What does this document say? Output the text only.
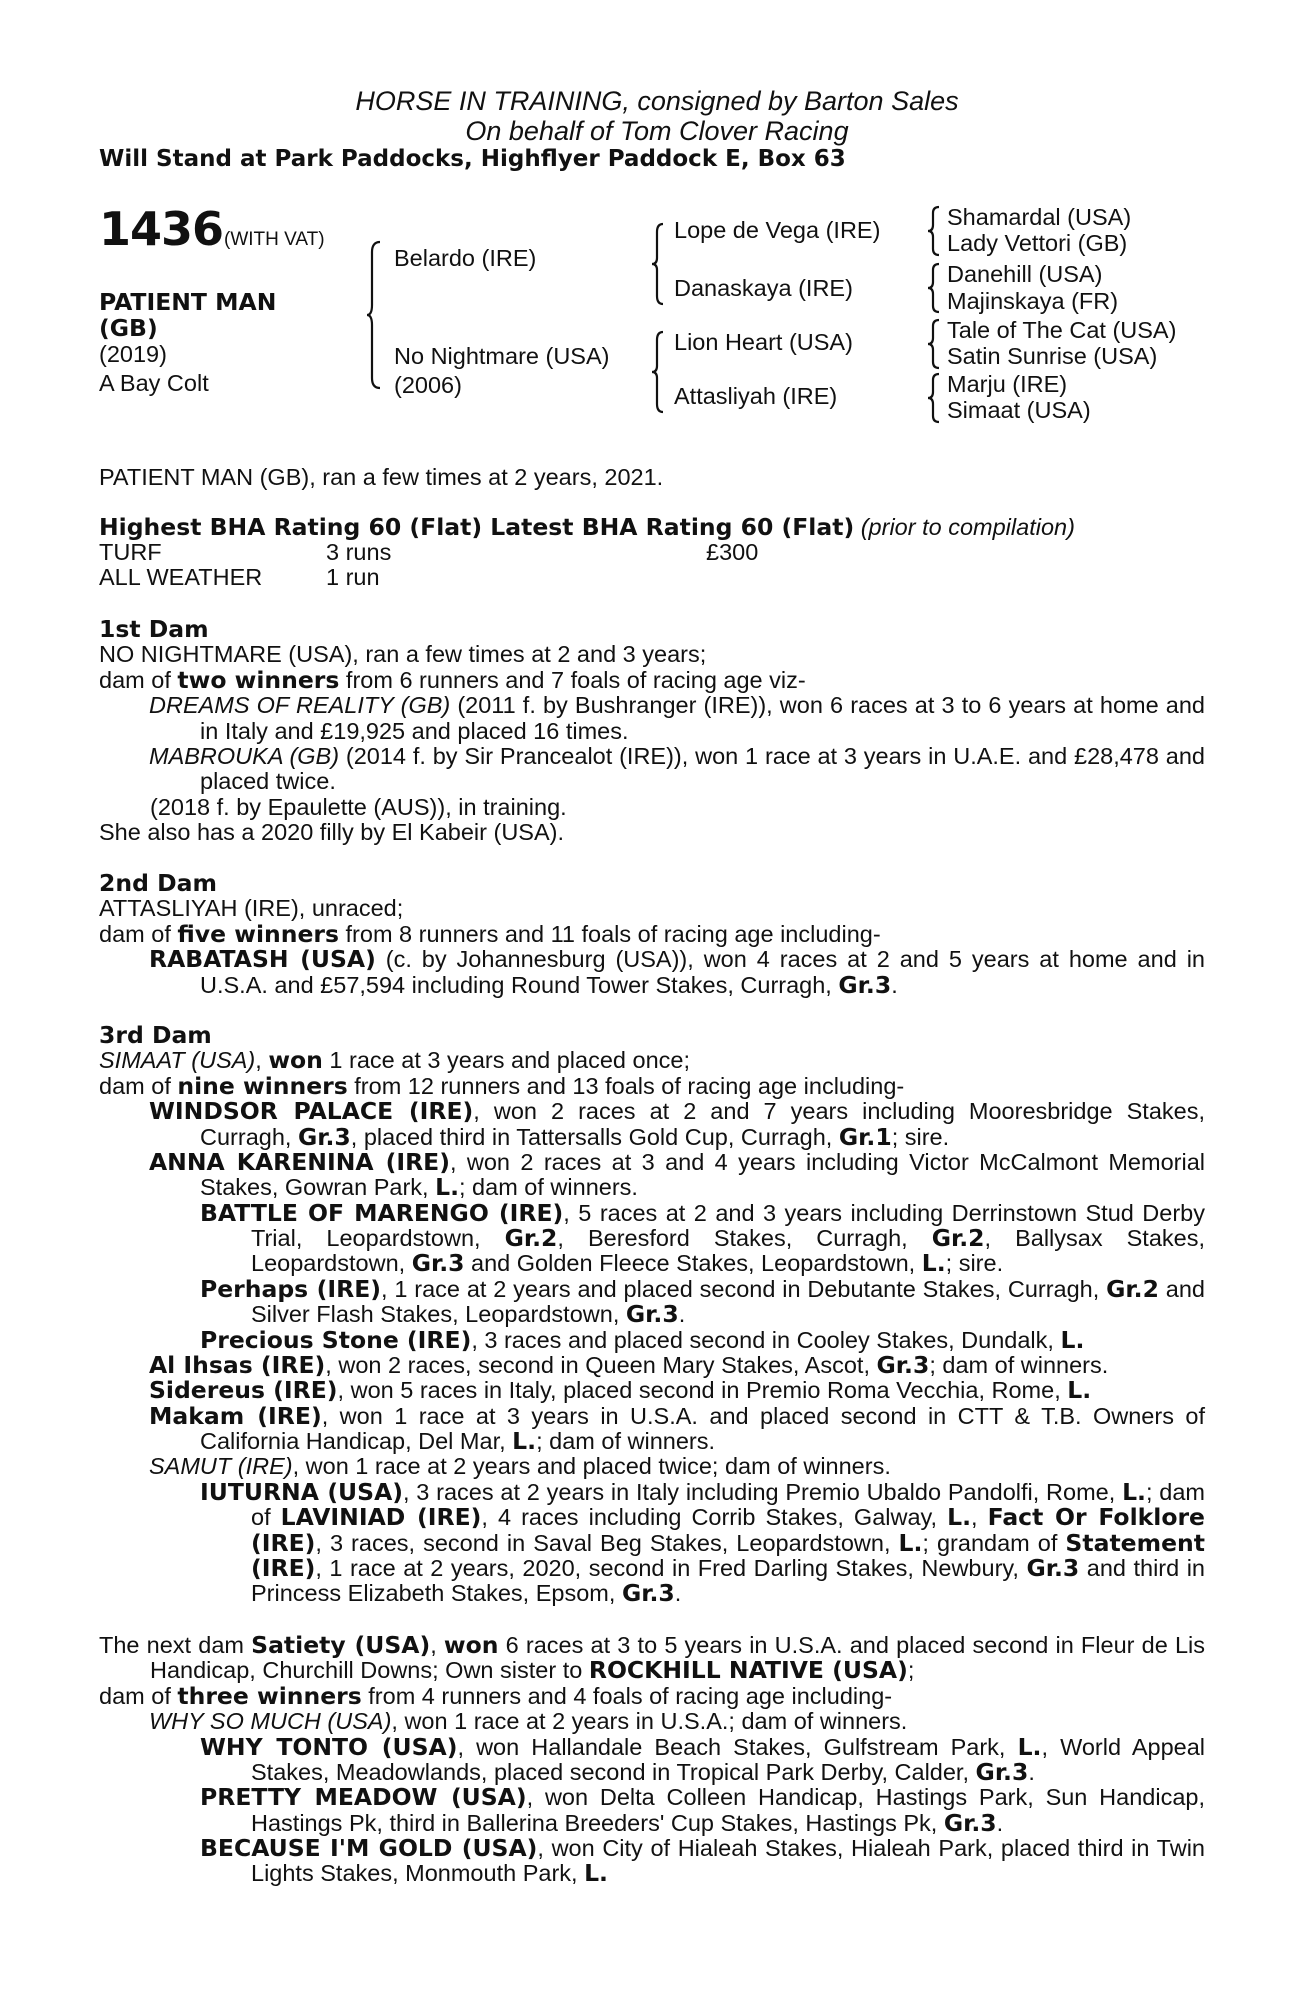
HORSE IN TRAINING, consigned by Barton Sales
On behalf of Tom Clover Racing
Will Stand at Park Paddocks, Highflyer Paddock E, Box 63
1436 (WITH VAT)
PATIENT MAN
(GB)
(2019)
A Bay Colt
Belardo (IRE)
No Nightmare (USA)
(2006)
Lope de Vega (IRE)
Danaskaya (IRE)
Lion Heart (USA)
Attasliyah (IRE)
Shamardal (USA)
Lady Vettori (GB)
Danehill (USA)
Majinskaya (FR)
Tale of The Cat (USA)
Satin Sunrise (USA)
Marju (IRE)
Simaat (USA)
PATIENT MAN (GB), ran a few times at 2 years, 2021.
Highest BHA Rating 60 (Flat) Latest BHA Rating 60 (Flat) (prior to compilation)
TURF	3 runs	£300
ALL WEATHER	1 run
1st Dam
NO NIGHTMARE (USA), ran a few times at 2 and 3 years;
dam of two winners from 6 runners and 7 foals of racing age viz-
DREAMS OF REALITY (GB) (2011 f. by Bushranger (IRE)), won 6 races at 3 to 6 years at home and in Italy and £19,925 and placed 16 times.
MABROUKA (GB) (2014 f. by Sir Prancealot (IRE)), won 1 race at 3 years in U.A.E. and £28,478 and placed twice.
(2018 f. by Epaulette (AUS)), in training.
She also has a 2020 filly by El Kabeir (USA).
2nd Dam
ATTASLIYAH (IRE), unraced;
dam of five winners from 8 runners and 11 foals of racing age including-
RABATASH (USA) (c. by Johannesburg (USA)), won 4 races at 2 and 5 years at home and in U.S.A. and £57,594 including Round Tower Stakes, Curragh, Gr.3.
3rd Dam
SIMAAT (USA), won 1 race at 3 years and placed once;
dam of nine winners from 12 runners and 13 foals of racing age including-
WINDSOR PALACE (IRE), won 2 races at 2 and 7 years including Mooresbridge Stakes, Curragh, Gr.3, placed third in Tattersalls Gold Cup, Curragh, Gr.1; sire.
ANNA KARENINA (IRE), won 2 races at 3 and 4 years including Victor McCalmont Memorial Stakes, Gowran Park, L.; dam of winners.
BATTLE OF MARENGO (IRE), 5 races at 2 and 3 years including Derrinstown Stud Derby Trial, Leopardstown, Gr.2, Beresford Stakes, Curragh, Gr.2, Ballysax Stakes, Leopardstown, Gr.3 and Golden Fleece Stakes, Leopardstown, L.; sire.
Perhaps (IRE), 1 race at 2 years and placed second in Debutante Stakes, Curragh, Gr.2 and Silver Flash Stakes, Leopardstown, Gr.3.
Precious Stone (IRE), 3 races and placed second in Cooley Stakes, Dundalk, L.
Al Ihsas (IRE), won 2 races, second in Queen Mary Stakes, Ascot, Gr.3; dam of winners.
Sidereus (IRE), won 5 races in Italy, placed second in Premio Roma Vecchia, Rome, L.
Makam (IRE), won 1 race at 3 years in U.S.A. and placed second in CTT & T.B. Owners of California Handicap, Del Mar, L.; dam of winners.
SAMUT (IRE), won 1 race at 2 years and placed twice; dam of winners.
IUTURNA (USA), 3 races at 2 years in Italy including Premio Ubaldo Pandolfi, Rome, L.; dam of LAVINIAD (IRE), 4 races including Corrib Stakes, Galway, L., Fact Or Folklore (IRE), 3 races, second in Saval Beg Stakes, Leopardstown, L.; grandam of Statement (IRE), 1 race at 2 years, 2020, second in Fred Darling Stakes, Newbury, Gr.3 and third in Princess Elizabeth Stakes, Epsom, Gr.3.
The next dam Satiety (USA), won 6 races at 3 to 5 years in U.S.A. and placed second in Fleur de Lis Handicap, Churchill Downs; Own sister to ROCKHILL NATIVE (USA);
dam of three winners from 4 runners and 4 foals of racing age including-
WHY SO MUCH (USA), won 1 race at 2 years in U.S.A.; dam of winners.
WHY TONTO (USA), won Hallandale Beach Stakes, Gulfstream Park, L., World Appeal Stakes, Meadowlands, placed second in Tropical Park Derby, Calder, Gr.3.
PRETTY MEADOW (USA), won Delta Colleen Handicap, Hastings Park, Sun Handicap, Hastings Pk, third in Ballerina Breeders' Cup Stakes, Hastings Pk, Gr.3.
BECAUSE I'M GOLD (USA), won City of Hialeah Stakes, Hialeah Park, placed third in Twin Lights Stakes, Monmouth Park, L.
